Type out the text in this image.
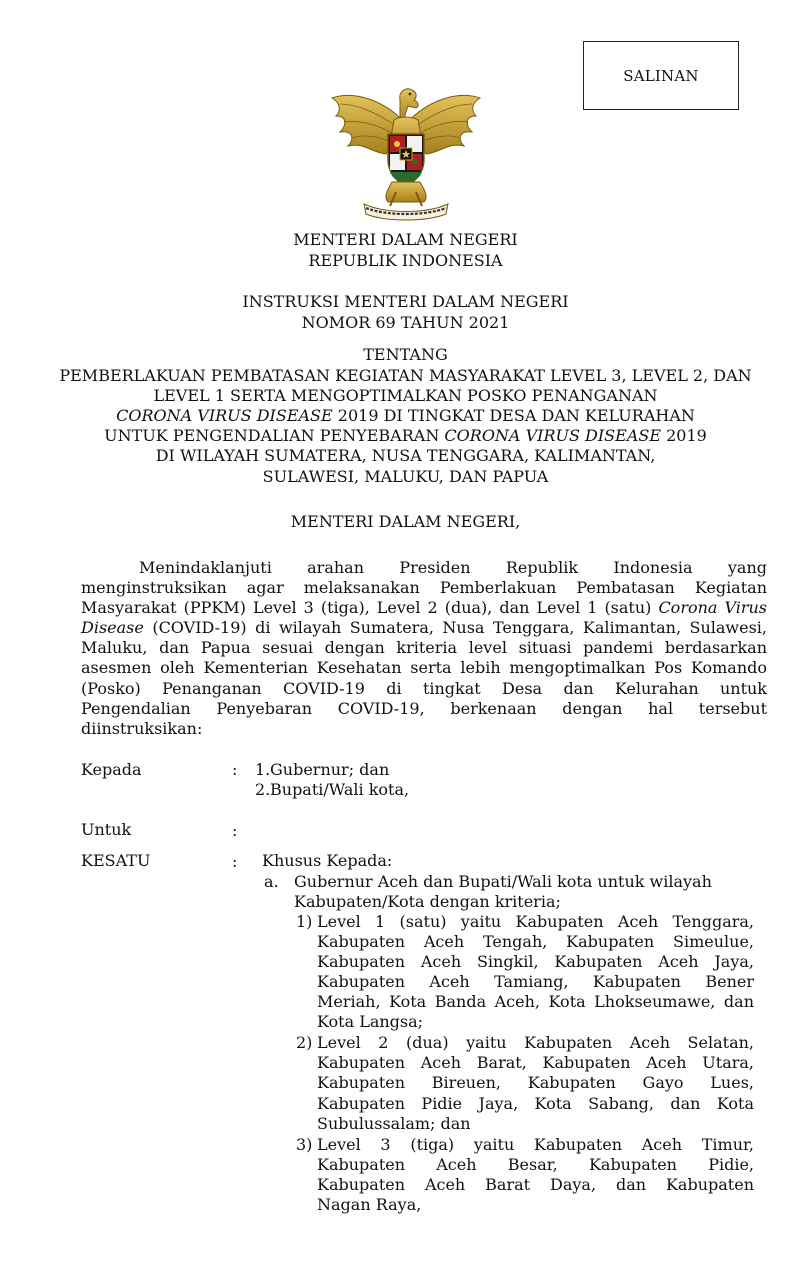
SALINAN
MENTERI DALAM NEGERI
REPUBLIK INDONESIA
INSTRUKSI MENTERI DALAM NEGERI
NOMOR 69 TAHUN 2021
TENTANG
PEMBERLAKUAN PEMBATASAN KEGIATAN MASYARAKAT LEVEL 3, LEVEL 2, DAN
LEVEL 1 SERTA MENGOPTIMALKAN POSKO PENANGANAN
CORONA VIRUS DISEASE 2019 DI TINGKAT DESA DAN KELURAHAN
UNTUK PENGENDALIAN PENYEBARAN CORONA VIRUS DISEASE 2019
DI WILAYAH SUMATERA, NUSA TENGGARA, KALIMANTAN,
SULAWESI, MALUKU, DAN PAPUA
MENTERI DALAM NEGERI,
Menindaklanjuti arahan Presiden Republik Indonesia yang
menginstruksikan agar melaksanakan Pemberlakuan Pembatasan Kegiatan
Masyarakat (PPKM) Level 3 (tiga), Level 2 (dua), dan Level 1 (satu) Corona Virus
Disease (COVID-19) di wilayah Sumatera, Nusa Tenggara, Kalimantan, Sulawesi,
Maluku, dan Papua sesuai dengan kriteria level situasi pandemi berdasarkan
asesmen oleh Kementerian Kesehatan serta lebih mengoptimalkan Pos Komando
(Posko) Penanganan COVID-19 di tingkat Desa dan Kelurahan untuk
Pengendalian Penyebaran COVID-19, berkenaan dengan hal tersebut
diinstruksikan:
Kepada	: 1. Gubernur; dan
2. Bupati/Wali kota,
Untuk	:
KESATU	: Khusus Kepada:
a. Gubernur Aceh dan Bupati/Wali kota untuk wilayah
Kabupaten/Kota dengan kriteria;
1) Level 1 (satu) yaitu Kabupaten Aceh Tenggara,
Kabupaten Aceh Tengah, Kabupaten Simeulue,
Kabupaten Aceh Singkil, Kabupaten Aceh Jaya,
Kabupaten Aceh Tamiang, Kabupaten Bener
Meriah, Kota Banda Aceh, Kota Lhokseumawe, dan
Kota Langsa;
2) Level 2 (dua) yaitu Kabupaten Aceh Selatan,
Kabupaten Aceh Barat, Kabupaten Aceh Utara,
Kabupaten Bireuen, Kabupaten Gayo Lues,
Kabupaten Pidie Jaya, Kota Sabang, dan Kota
Subulussalam; dan
3) Level 3 (tiga) yaitu Kabupaten Aceh Timur,
Kabupaten Aceh Besar, Kabupaten Pidie,
Kabupaten Aceh Barat Daya, dan Kabupaten
Nagan Raya,
